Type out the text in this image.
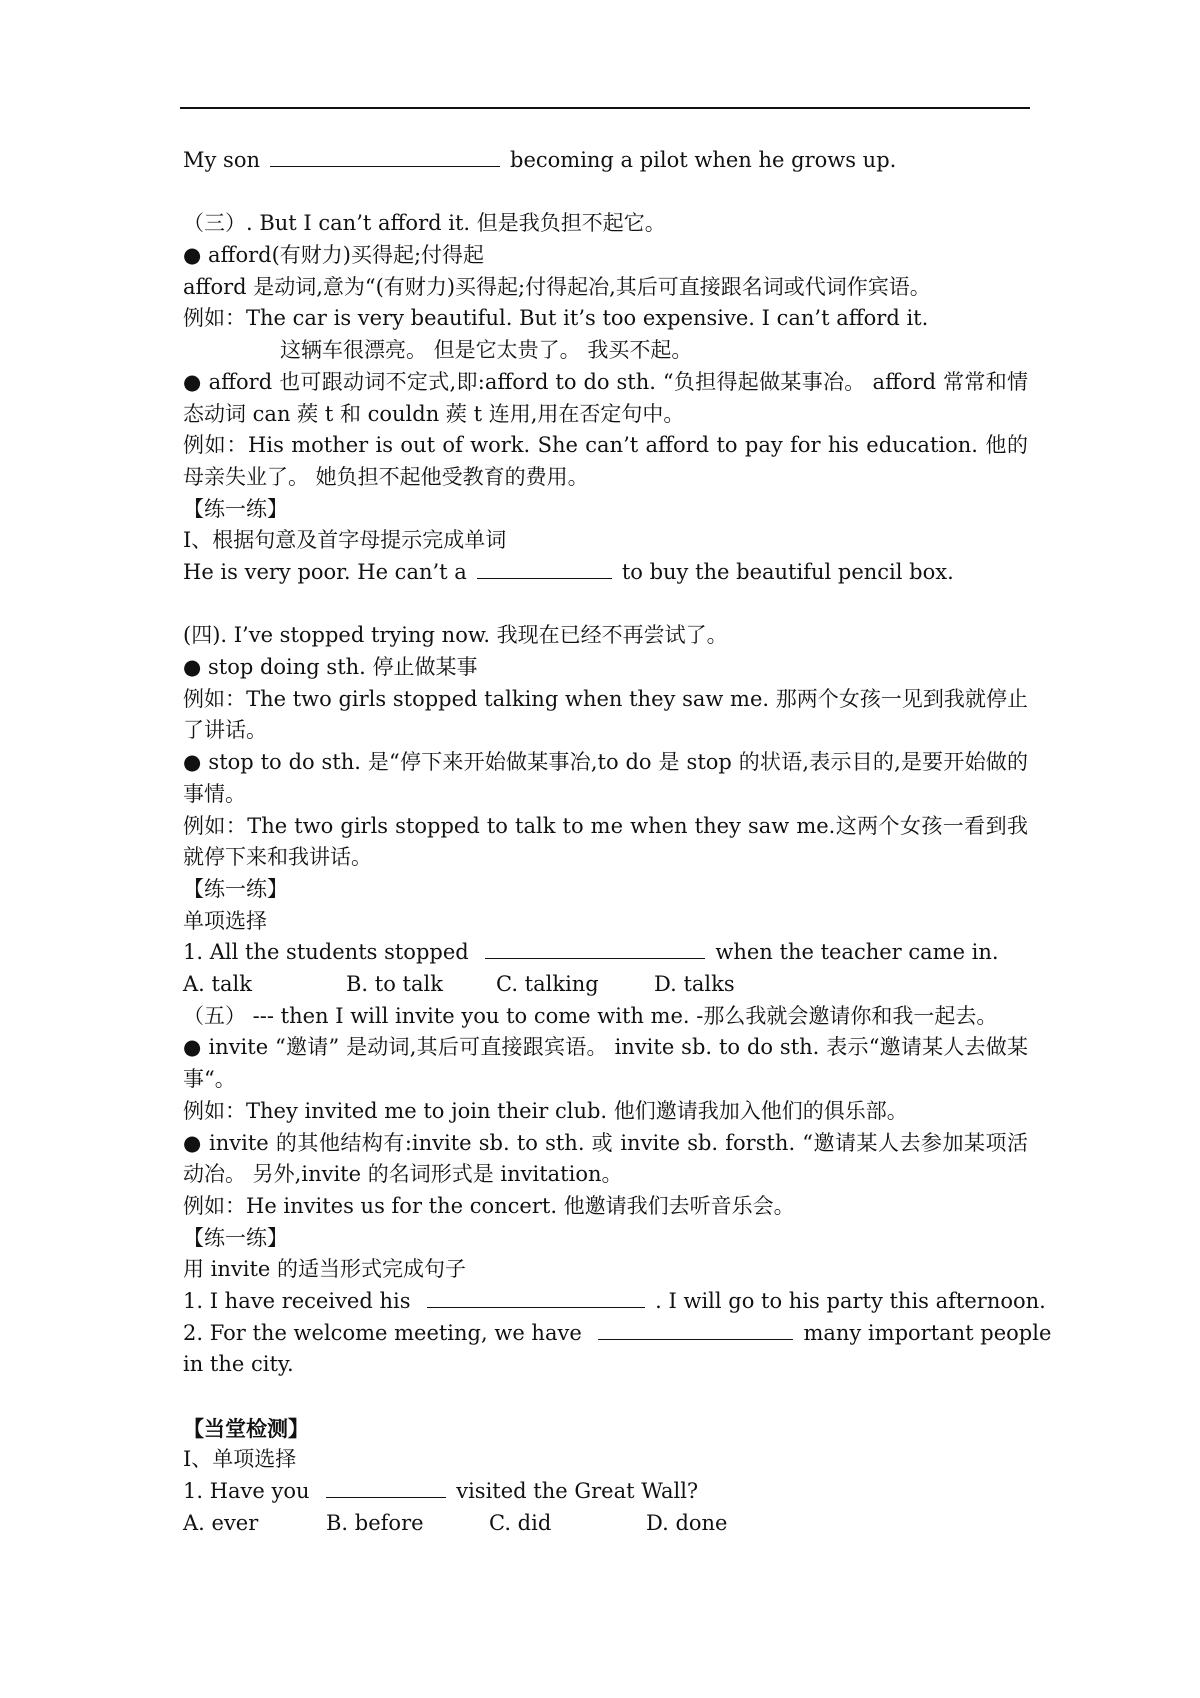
My son	becoming a pilot when he grows up.
（三）. But I can’t afford it. 但是我负担不起它。
● afford(有财力)买得起;付得起
afford 是动词,意为“(有财力)买得起;付得起冶,其后可直接跟名词或代词作宾语。
例如：The car is very beautiful. But it’s too expensive. I can’t afford it.
这辆车很漂亮。 但是它太贵了。 我买不起。
● afford 也可跟动词不定式,即:afford to do sth. “负担得起做某事冶。 afford 常常和情态动词 can 蒺 t 和 couldn 蒺 t 连用,用在否定句中。
例如：His mother is out of work. She can’t afford to pay for his education. 他的母亲失业了。 她负担不起他受教育的费用。
【练一练】
I、根据句意及首字母提示完成单词
He is very poor. He can’t a	to buy the beautiful pencil box.
(四). I’ve stopped trying now. 我现在已经不再尝试了。
● stop doing sth. 停止做某事
例如：The two girls stopped talking when they saw me. 那两个女孩一见到我就停止了讲话。
● stop to do sth. 是“停下来开始做某事冶,to do 是 stop 的状语,表示目的,是要开始做的事情。
例如：The two girls stopped to talk to me when they saw me.这两个女孩一看到我就停下来和我讲话。
【练一练】
单项选择
1. All the students stopped	when the teacher came in.
A. talk	B. to talk	C. talking	D. talks
（五） --- then I will invite you to come with me. -那么我就会邀请你和我一起去。
● invite “邀请” 是动词,其后可直接跟宾语。 invite sb. to do sth. 表示“邀请某人去做某事“。
例如：They invited me to join their club. 他们邀请我加入他们的俱乐部。
● invite 的其他结构有:invite sb. to sth. 或 invite sb. forsth. “邀请某人去参加某项活动冶。 另外,invite 的名词形式是 invitation。
例如：He invites us for the concert. 他邀请我们去听音乐会。
【练一练】
用 invite 的适当形式完成句子
1. I have received his	. I will go to his party this afternoon.
2. For the welcome meeting, we have	many important people
in the city.
【当堂检测】
I、单项选择
1. Have you	visited the Great Wall?
A. ever	B. before	C. did	D. done
